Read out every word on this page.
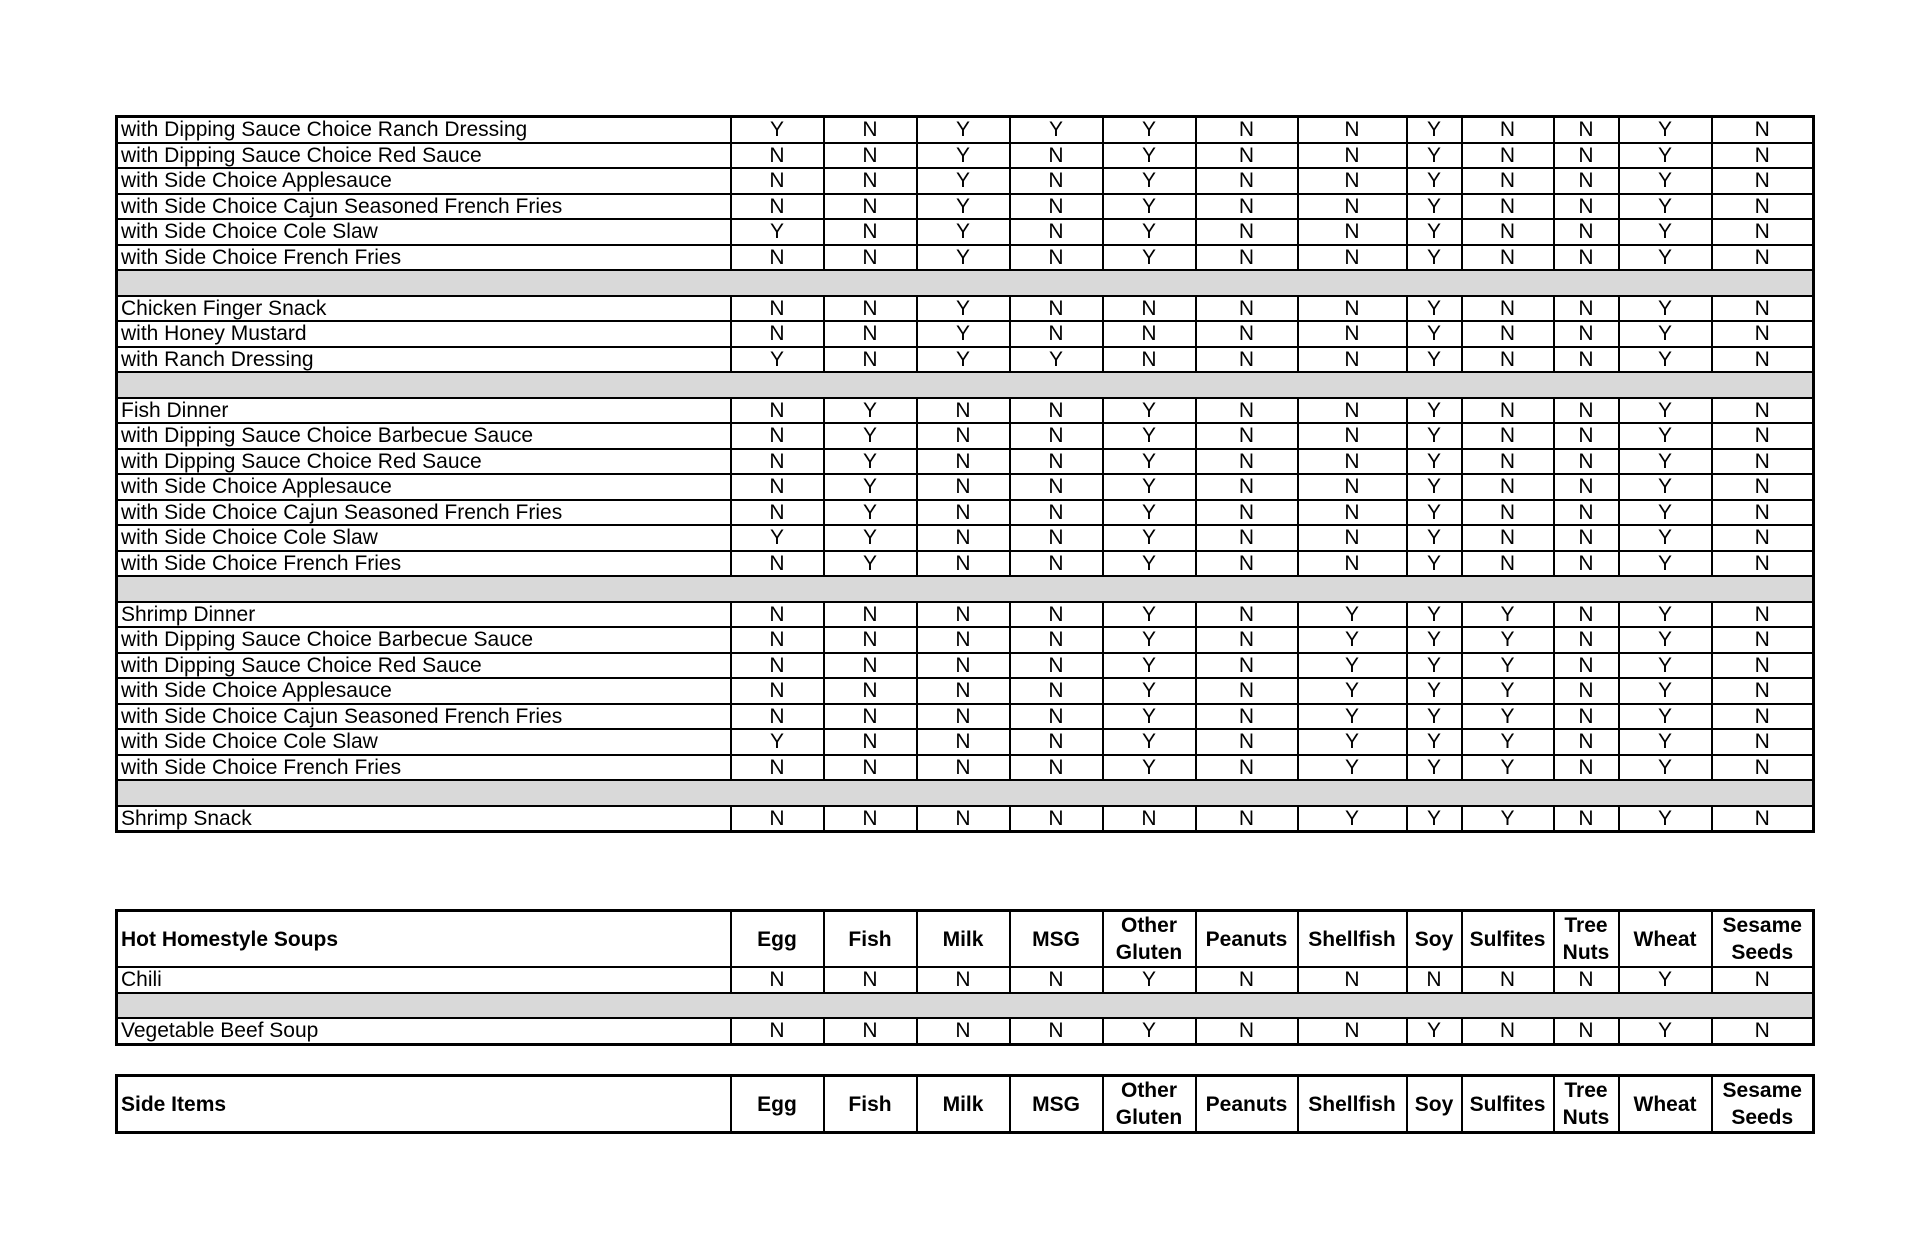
with Dipping Sauce Choice Ranch Dressing	Y	N	Y	Y	Y	N	N	Y	N	N	Y	N
with Dipping Sauce Choice Red Sauce	N	N	Y	N	Y	N	N	Y	N	N	Y	N
with Side Choice Applesauce	N	N	Y	N	Y	N	N	Y	N	N	Y	N
with Side Choice Cajun Seasoned French Fries	N	N	Y	N	Y	N	N	Y	N	N	Y	N
with Side Choice Cole Slaw	Y	N	Y	N	Y	N	N	Y	N	N	Y	N
with Side Choice French Fries	N	N	Y	N	Y	N	N	Y	N	N	Y	N

Chicken Finger Snack	N	N	Y	N	N	N	N	Y	N	N	Y	N
with Honey Mustard	N	N	Y	N	N	N	N	Y	N	N	Y	N
with Ranch Dressing	Y	N	Y	Y	N	N	N	Y	N	N	Y	N

Fish Dinner	N	Y	N	N	Y	N	N	Y	N	N	Y	N
with Dipping Sauce Choice Barbecue Sauce	N	Y	N	N	Y	N	N	Y	N	N	Y	N
with Dipping Sauce Choice Red Sauce	N	Y	N	N	Y	N	N	Y	N	N	Y	N
with Side Choice Applesauce	N	Y	N	N	Y	N	N	Y	N	N	Y	N
with Side Choice Cajun Seasoned French Fries	N	Y	N	N	Y	N	N	Y	N	N	Y	N
with Side Choice Cole Slaw	Y	Y	N	N	Y	N	N	Y	N	N	Y	N
with Side Choice French Fries	N	Y	N	N	Y	N	N	Y	N	N	Y	N

Shrimp Dinner	N	N	N	N	Y	N	Y	Y	Y	N	Y	N
with Dipping Sauce Choice Barbecue Sauce	N	N	N	N	Y	N	Y	Y	Y	N	Y	N
with Dipping Sauce Choice Red Sauce	N	N	N	N	Y	N	Y	Y	Y	N	Y	N
with Side Choice Applesauce	N	N	N	N	Y	N	Y	Y	Y	N	Y	N
with Side Choice Cajun Seasoned French Fries	N	N	N	N	Y	N	Y	Y	Y	N	Y	N
with Side Choice Cole Slaw	Y	N	N	N	Y	N	Y	Y	Y	N	Y	N
with Side Choice French Fries	N	N	N	N	Y	N	Y	Y	Y	N	Y	N

Shrimp Snack	N	N	N	N	N	N	Y	Y	Y	N	Y	N
Hot Homestyle Soups	Egg	Fish	Milk	MSG	Other Gluten	Peanuts	Shellfish	Soy	Sulfites	Tree Nuts	Wheat	Sesame Seeds
Chili	N	N	N	N	Y	N	N	N	N	N	Y	N

Vegetable Beef Soup	N	N	N	N	Y	N	N	Y	N	N	Y	N
Side Items	Egg	Fish	Milk	MSG	Other Gluten	Peanuts	Shellfish	Soy	Sulfites	Tree Nuts	Wheat	Sesame Seeds
